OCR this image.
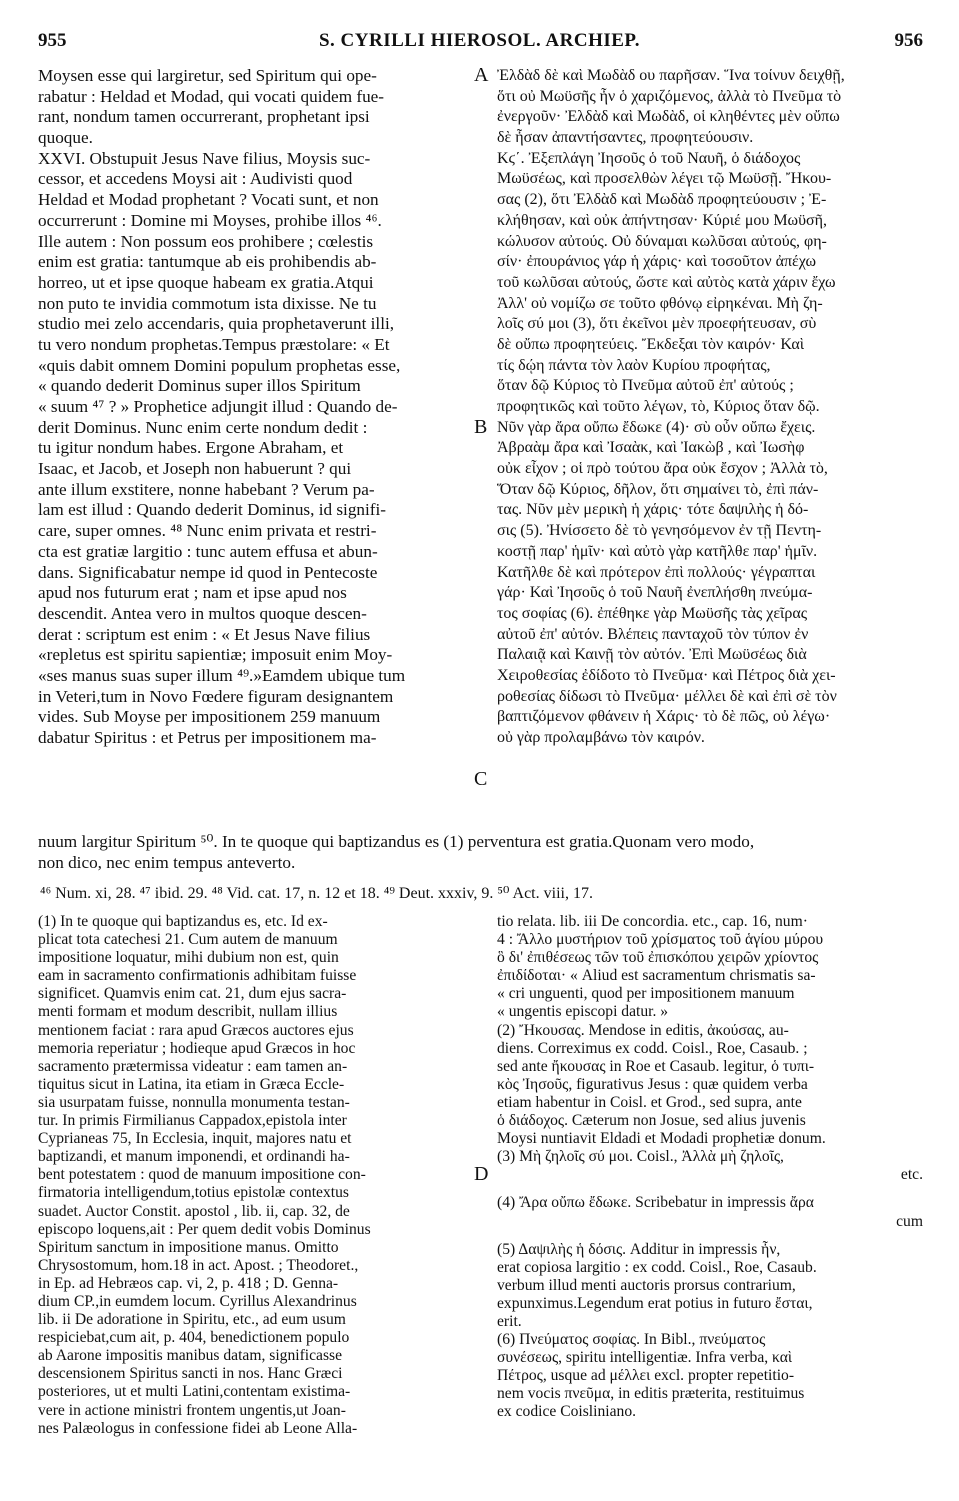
955	S. CYRILLI HIEROSOL. ARCHIEP.	956
Moysen esse qui largiretur, sed Spiritum qui ope-
rabatur : Heldad et Modad, qui vocati quidem fue-
rant, nondum tamen occurrerant, prophetant ipsi
quoque.
XXVI. Obstupuit Jesus Nave filius, Moysis suc-
cessor, et accedens Moysi ait : Audivisti quod
Heldad et Modad prophetant ? Vocati sunt, et non
occurrerunt : Domine mi Moyses, prohibe illos ⁴⁶.
Ille autem : Non possum eos prohibere ; cœlestis
enim est gratia: tantumque ab eis prohibendis ab-
horreo, ut et ipse quoque habeam ex gratia.Atqui
non puto te invidia commotum ista dixisse. Ne tu
studio mei zelo accendaris, quia prophetaverunt illi,
tu vero nondum prophetas.Tempus præstolare: « Et
«quis dabit omnem Domini populum prophetas esse,
« quando dederit Dominus super illos Spiritum
« suum ⁴⁷ ? » Prophetice adjungit illud : Quando de-
derit Dominus. Nunc enim certe nondum dedit :
tu igitur nondum habes. Ergone Abraham, et
Isaac, et Jacob, et Joseph non habuerunt ? qui
ante illum exstitere, nonne habebant ? Verum pa-
lam est illud : Quando dederit Dominus, id signifi-
care, super omnes. ⁴⁸ Nunc enim privata et restri-
cta est gratiæ largitio : tunc autem effusa et abun-
dans. Significabatur nempe id quod in Pentecoste
apud nos futurum erat ; nam et ipse apud nos
descendit. Antea vero in multos quoque descen-
derat : scriptum est enim : « Et Jesus Nave filius
«repletus est spiritu sapientiæ; imposuit enim Moy-
«ses manus suas super illum ⁴⁹.»Eamdem ubique tum
in Veteri,tum in Novo Fœdere figuram designantem
vides. Sub Moyse per impositionem 259 manuum
dabatur Spiritus : et Petrus per impositionem ma-
Ἐλδὰδ δὲ καὶ Μωδὰδ ου παρῆσαν. Ἵνα τοίνυν δειχθῇ,
ὅτι οὐ Μωϋσῆς ἦν ὁ χαριζόμενος, ἀλλὰ τὸ Πνεῦμα τὸ
ἐνεργοῦν· Ἐλδὰδ καὶ Μωδὰδ, οἱ κληθέντες μὲν οὔπω
δὲ ἦσαν ἀπαντήσαντες, προφητεύουσιν.
Κϛ΄. Ἐξεπλάγη Ἰησοῦς ὁ τοῦ Ναυῆ, ὁ διάδοχος
Μωϋσέως, καὶ προσελθὼν λέγει τῷ Μωϋσῇ. Ἤκου-
σας (2), ὅτι Ἐλδὰδ καὶ Μωδὰδ προφητεύουσιν ; Ἐ-
κλήθησαν, καὶ οὐκ ἀπήντησαν· Κύριέ μου Μωϋσῆ,
κώλυσον αὐτούς. Οὐ δύναμαι κωλῦσαι αὐτούς, φη-
σίν· ἐπουράνιος γάρ ἡ χάρις· καὶ τοσοῦτον ἀπέχω
τοῦ κωλῦσαι αὐτούς, ὥστε καὶ αὐτὸς κατὰ χάριν ἔχω
Ἀλλ' οὐ νομίζω σε τοῦτο φθόνῳ εἰρηκέναι. Μὴ ζη-
λοῖς σύ μοι (3), ὅτι ἐκεῖνοι μὲν προεφήτευσαν, σὺ
δὲ οὔπω προφητεύεις. Ἔκδεξαι τὸν καιρόν· Καὶ
τίς δῴη πάντα τὸν λαὸν Κυρίου προφήτας,
ὅταν δῷ Κύριος τὸ Πνεῦμα αὐτοῦ ἐπ' αὐτούς ;
προφητικῶς καὶ τοῦτο λέγων, τὸ, Κύριος ὅταν δῷ.
Νῦν γὰρ ἄρα οὔπω ἔδωκε (4)· σὺ οὖν οὔπω ἔχεις.
Ἀβραὰμ ἄρα καὶ Ἰσαὰκ, καὶ Ἰακὼβ , καὶ Ἰωσὴφ
οὐκ εἶχον ; οἱ πρὸ τούτου ἄρα οὐκ ἔσχον ; Ἀλλὰ τὸ,
Ὅταν δῷ Κύριος, δῆλον, ὅτι σημαίνει τὸ, ἐπὶ πάν-
τας. Νῦν μὲν μερικὴ ἡ χάρις· τότε δαψιλὴς ἡ δό-
σις (5). Ἠνίσσετο δὲ τὸ γενησόμενον ἐν τῇ Πεντη-
κοστῇ παρ' ἡμῖν· καὶ αὐτὸ γὰρ κατῆλθε παρ' ἡμῖν.
Κατῆλθε δὲ καὶ πρότερον ἐπὶ πολλούς· γέγραπται
γάρ· Καὶ Ἰησοῦς ὁ τοῦ Ναυῆ ἐνεπλήσθη πνεύμα-
τος σοφίας (6). ἐπέθηκε γὰρ Μωϋσῆς τὰς χεῖρας
αὐτοῦ ἐπ' αὐτόν. Βλέπεις πανταχοῦ τὸν τύπον ἐν
Παλαιᾷ καὶ Καινῇ τὸν αὐτόν. Ἐπὶ Μωϋσέως διὰ
Χειροθεσίας ἐδίδοτο τὸ Πνεῦμα· καὶ Πέτρος διὰ χει-
ροθεσίας δίδωσι τὸ Πνεῦμα· μέλλει δὲ καὶ ἐπὶ σὲ τὸν
βαπτιζόμενον φθάνειν ἡ Χάρις· τὸ δὲ πῶς, οὐ λέγω·
οὐ γὰρ προλαμβάνω τὸν καιρόν.
A
B
C
nuum largitur Spiritum ⁵⁰. In te quoque qui baptizandus es (1) perventura est gratia.Quonam vero modo,
non dico, nec enim tempus anteverto.
⁴⁶ Num. xi, 28. ⁴⁷ ibid. 29. ⁴⁸ Vid. cat. 17, n. 12 et 18. ⁴⁹ Deut. xxxiv, 9. ⁵⁰ Act. viii, 17.
(1) In te quoque qui baptizandus es, etc. Id ex-
plicat tota catechesi 21. Cum autem de manuum
impositione loquatur, mihi dubium non est, quin
eam in sacramento confirmationis adhibitam fuisse
significet. Quamvis enim cat. 21, dum ejus sacra-
menti formam et modum describit, nullam illius
mentionem faciat : rara apud Græcos auctores ejus
memoria reperiatur ; hodieque apud Græcos in hoc
sacramento prætermissa videatur : eam tamen an-
tiquitus sicut in Latina, ita etiam in Græca Eccle-
sia usurpatam fuisse, nonnulla monumenta testan-
tur. In primis Firmilianus Cappadox,epistola inter
Cyprianeas 75, In Ecclesia, inquit, majores natu et
baptizandi, et manum imponendi, et ordinandi ha-
bent potestatem : quod de manuum impositione con-
firmatoria intelligendum,totius epistolæ contextus
suadet. Auctor Constit. apostol , lib. ii, cap. 32, de
episcopo loquens,ait : Per quem dedit vobis Dominus
Spiritum sanctum in impositione manus. Omitto
Chrysostomum, hom.18 in act. Apost. ; Theodoret.,
in Ep. ad Hebræos cap. vi, 2, p. 418 ; D. Genna-
dium CP.,in eumdem locum. Cyrillus Alexandrinus
lib. ii De adoratione in Spiritu, etc., ad eum usum
respiciebat,cum ait, p. 404, benedictionem populo
ab Aarone impositis manibus datam, significasse
descensionem Spiritus sancti in nos. Hanc Græci
posteriores, ut et multi Latini,contentam existima-
vere in actione ministri frontem ungentis,ut Joan-
nes Palæologus in confessione fidei ab Leone Alla-
D
tio relata. lib. iii De concordia. etc., cap. 16, num·
4 : Ἄλλο μυστήριον τοῦ χρίσματος τοῦ ἁγίου μύρου
ὃ δι' ἐπιθέσεως τῶν τοῦ ἐπισκόπου χειρῶν χρίοντος
ἐπιδίδοται· « Aliud est sacramentum chrismatis sa-
« cri unguenti, quod per impositionem manuum
« ungentis episcopi datur. »
(2) Ἤκουσας. Mendose in editis, ἀκούσας, au-
diens. Correximus ex codd. Coisl., Roe, Casaub. ;
sed ante ἤκουσας in Roe et Casaub. legitur, ὁ τυπι-
κὸς Ἰησοῦς, figurativus Jesus : quæ quidem verba
etiam habentur in Coisl. et Grod., sed supra, ante
ὁ διάδοχος. Cæterum non Josue, sed alius juvenis
Moysi nuntiavit Eldadi et Modadi prophetiæ donum.
(3) Μὴ ζηλοῖς σύ μοι. Coisl., Ἀλλὰ μὴ ζηλοῖς,
etc.
(4) Ἄρα οὔπω ἔδωκε. Scribebatur in impressis ἄρα
cum
(5) Δαψιλὴς ἡ δόσις. Additur in impressis ἦν,
erat copiosa largitio : ex codd. Coisl., Roe, Casaub.
verbum illud menti auctoris prorsus contrarium,
expunximus.Legendum erat potius in futuro ἔσται,
erit.
(6) Πνεύματος σοφίας. In Bibl., πνεύματος
συνέσεως, spiritu intelligentiæ. Infra verba, καὶ
Πέτρος, usque ad μέλλει excl. propter repetitio-
nem vocis πνεῦμα, in editis præterita, restituimus
ex codice Coisliniano.
